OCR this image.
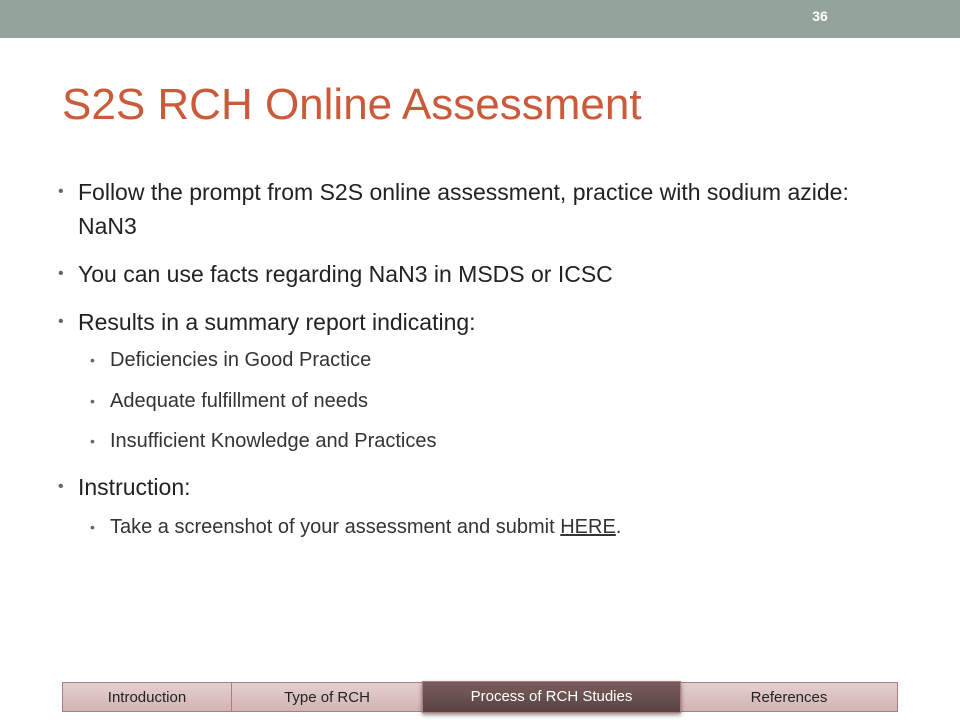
36
S2S RCH Online Assessment
• Follow the prompt from S2S online assessment, practice with sodium azide: NaN3
• You can use facts regarding NaN3 in MSDS or ICSC
• Results in a summary report indicating:
• Deficiencies in Good Practice
• Adequate fulfillment of needs
• Insufficient Knowledge and Practices
• Instruction:
• Take a screenshot of your assessment and submit HERE.
Introduction	Type of RCH	Process of RCH Studies	References
